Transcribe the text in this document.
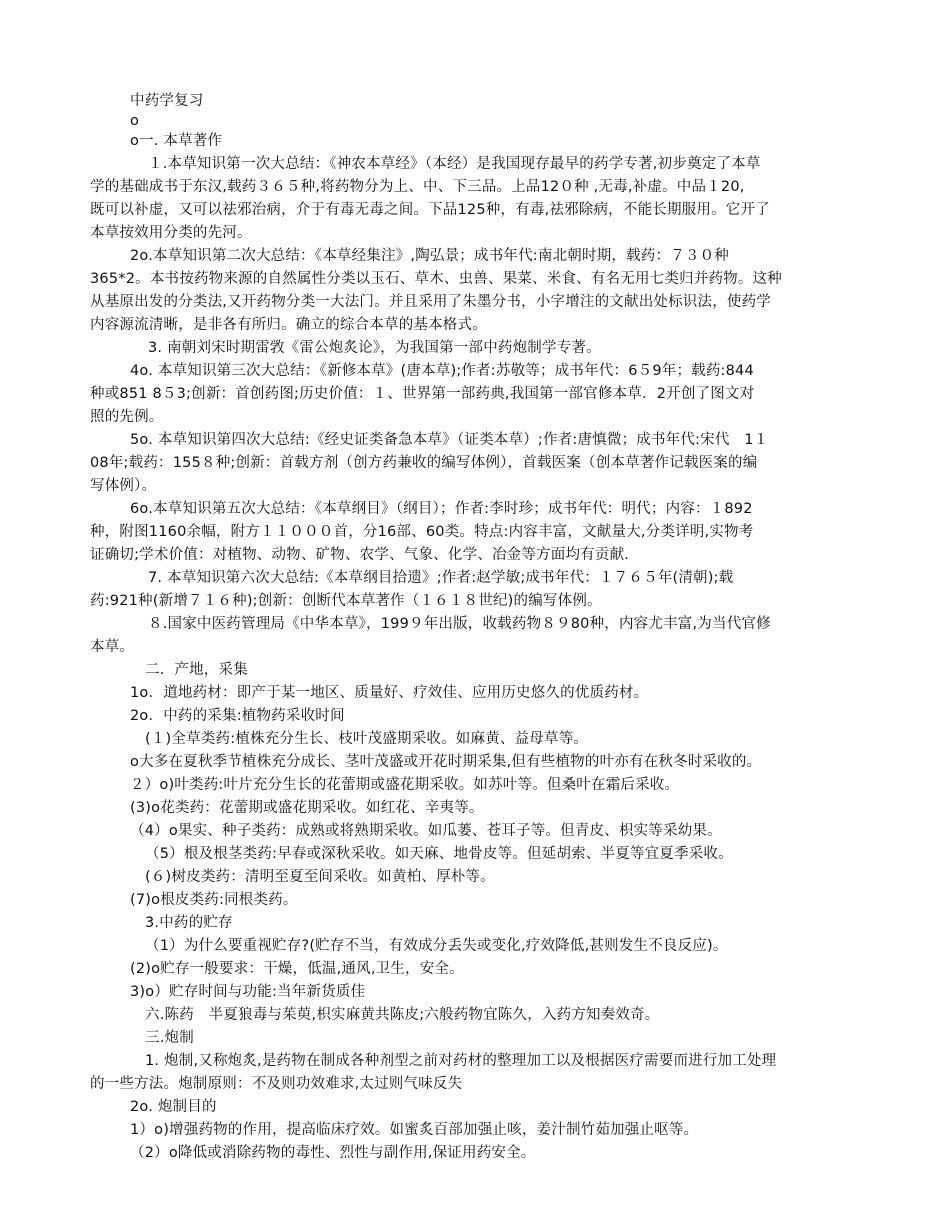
中药学复习
o
o一. 本草著作
１.本草知识第一次大总结：《神农本草经》（本经）是我国现存最早的药学专著,初步奠定了本草
学的基础成书于东汉,载药３６５种,将药物分为上、中、下三品。上品12０种 ,无毒,补虚。中品１20,
既可以补虚，又可以祛邪治病，介于有毒无毒之间。下品125种，有毒,祛邪除病，不能长期服用。它开了
本草按效用分类的先河。
2o.本草知识第二次大总结：《本草经集注》,陶弘景；成书年代:南北朝时期，载药：７３０种
365*2。本书按药物来源的自然属性分类以玉石、草木、虫兽、果菜、米食、有名无用七类归并药物。这种
从基原出发的分类法,又开药物分类一大法门。并且采用了朱墨分书，小字增注的文献出处标识法，使药学
内容源流清晰，是非各有所归。确立的综合本草的基本格式。
3. 南朝刘宋时期雷敩《雷公炮炙论》，为我国第一部中药炮制学专著。
4o. 本草知识第三次大总结：《新修本草》(唐本草);作者:苏敬等；成书年代：6５9年；载药:844
种或851 8５3;创新：首创药图;历史价值：１、世界第一部药典,我国第一部官修本草．2开创了图文对
照的先例。
5o. 本草知识第四次大总结:《经史证类备急本草》（证类本草）;作者:唐慎微；成书年代:宋代　1１
08年;载药：155８种;创新：首载方剂（创方药兼收的编写体例），首载医案（创本草著作记载医案的编
写体例）。
6o.本草知识第五次大总结：《本草纲目》（纲目）；作者:李时珍；成书年代：明代；内容：１892
种，附图1160余幅，附方１１０００首，分16部、60类。特点:内容丰富，文献量大,分类详明,实物考
证确切;学术价值：对植物、动物、矿物、农学、气象、化学、冶金等方面均有贡献.
7. 本草知识第六次大总结:《本草纲目拾遗》;作者:赵学敏;成书年代：１７６５年(清朝);载
药:921种(新增７１６种);创新：创断代本草著作（１６１８世纪)的编写体例。
８.国家中医药管理局《中华本草》，199９年出版，收载药物８９80种，内容尤丰富,为当代官修
本草。
二．产地，采集
1o．道地药材：即产于某一地区、质量好、疗效佳、应用历史悠久的优质药材。
2o．中药的采集:植物药采收时间
(１)全草类药:植株充分生长、枝叶茂盛期采收。如麻黄、益母草等。
o大多在夏秋季节植株充分成长、茎叶茂盛或开花时期采集,但有些植物的叶亦有在秋冬时采收的。
２）o)叶类药:叶片充分生长的花蕾期或盛花期采收。如苏叶等。但桑叶在霜后采收。
(3)o花类药：花蕾期或盛花期采收。如红花、辛夷等。
（4）o果实、种子类药：成熟或将熟期采收。如瓜蒌、苍耳子等。但青皮、枳实等采幼果。
（5）根及根茎类药:早春或深秋采收。如天麻、地骨皮等。但延胡索、半夏等宜夏季采收。
(６)树皮类药：清明至夏至间采收。如黄柏、厚朴等。
(7)o根皮类药:同根类药。
3.中药的贮存
（1）为什么要重视贮存?(贮存不当，有效成分丢失或变化,疗效降低,甚则发生不良反应)。
(2)o贮存一般要求：干燥，低温,通风,卫生，安全。
3)o）贮存时间与功能:当年新货质佳
六.陈药　半夏狼毒与茱萸,枳实麻黄共陈皮;六般药物宜陈久，入药方知奏效奇。
三.炮制
1. 炮制,又称炮炙,是药物在制成各种剂型之前对药材的整理加工以及根据医疗需要而进行加工处理
的一些方法。炮制原则：不及则功效难求,太过则气味反失
2o. 炮制目的
1）o)增强药物的作用，提高临床疗效。如蜜炙百部加强止咳，姜汁制竹茹加强止呕等。
（2）o降低或消除药物的毒性、烈性与副作用,保证用药安全。
